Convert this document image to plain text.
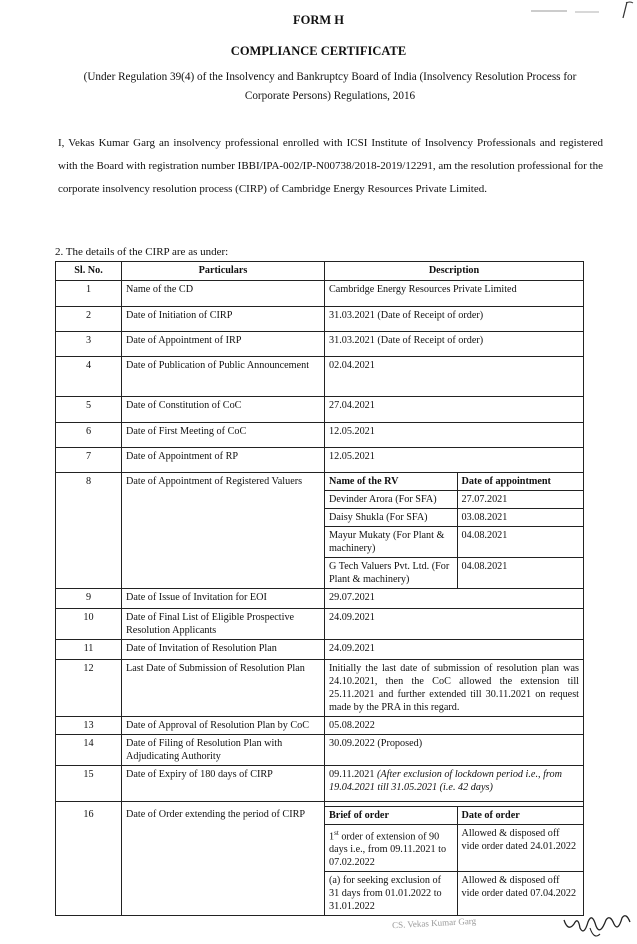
FORM H
COMPLIANCE CERTIFICATE
(Under Regulation 39(4) of the Insolvency and Bankruptcy Board of India (Insolvency Resolution Process for Corporate Persons) Regulations, 2016
I, Vekas Kumar Garg an insolvency professional enrolled with ICSI Institute of Insolvency Professionals and registered with the Board with registration number IBBI/IPA-002/IP-N00738/2018-2019/12291, am the resolution professional for the corporate insolvency resolution process (CIRP) of Cambridge Energy Resources Private Limited.
2. The details of the CIRP are as under:
Sl. No.	Particulars	Description
1	Name of the CD	Cambridge Energy Resources Private Limited
2	Date of Initiation of CIRP	31.03.2021 (Date of Receipt of order)
3	Date of Appointment of IRP	31.03.2021 (Date of Receipt of order)
4	Date of Publication of Public Announcement	02.04.2021
5	Date of Constitution of CoC	27.04.2021
6	Date of First Meeting of CoC	12.05.2021
7	Date of Appointment of RP	12.05.2021
8	Date of Appointment of Registered Valuers		Name of the RV	Date of appointment
Devinder Arora (For SFA)	27.07.2021
Daisy Shukla (For SFA)	03.08.2021
Mayur Mukaty (For Plant & machinery)	04.08.2021
G Tech Valuers Pvt. Ltd. (For Plant & machinery)	04.08.2021

9	Date of Issue of Invitation for EOI	29.07.2021
10	Date of Final List of Eligible Prospective Resolution Applicants	24.09.2021
11	Date of Invitation of Resolution Plan	24.09.2021
12	Last Date of Submission of Resolution Plan	Initially the last date of submission of resolution plan was 24.10.2021, then the CoC allowed the extension till 25.11.2021 and further extended till 30.11.2021 on request made by the PRA in this regard.
13	Date of Approval of Resolution Plan by CoC	05.08.2022
14	Date of Filing of Resolution Plan with Adjudicating Authority	30.09.2022 (Proposed)
15	Date of Expiry of 180 days of CIRP	09.11.2021 (After exclusion of lockdown period i.e., from 19.04.2021 till 31.05.2021 (i.e. 42 days)
16	Date of Order extending the period of CIRP	Brief of order	Date of order
1st order of extension of 90 days i.e., from 09.11.2021 to 07.02.2022	Allowed & disposed off vide order dated 24.01.2022
(a) for seeking exclusion of 31 days from 01.01.2022 to 31.01.2022	Allowed & disposed off vide order dated 07.04.2022
CS. Vekas Kumar Garg
